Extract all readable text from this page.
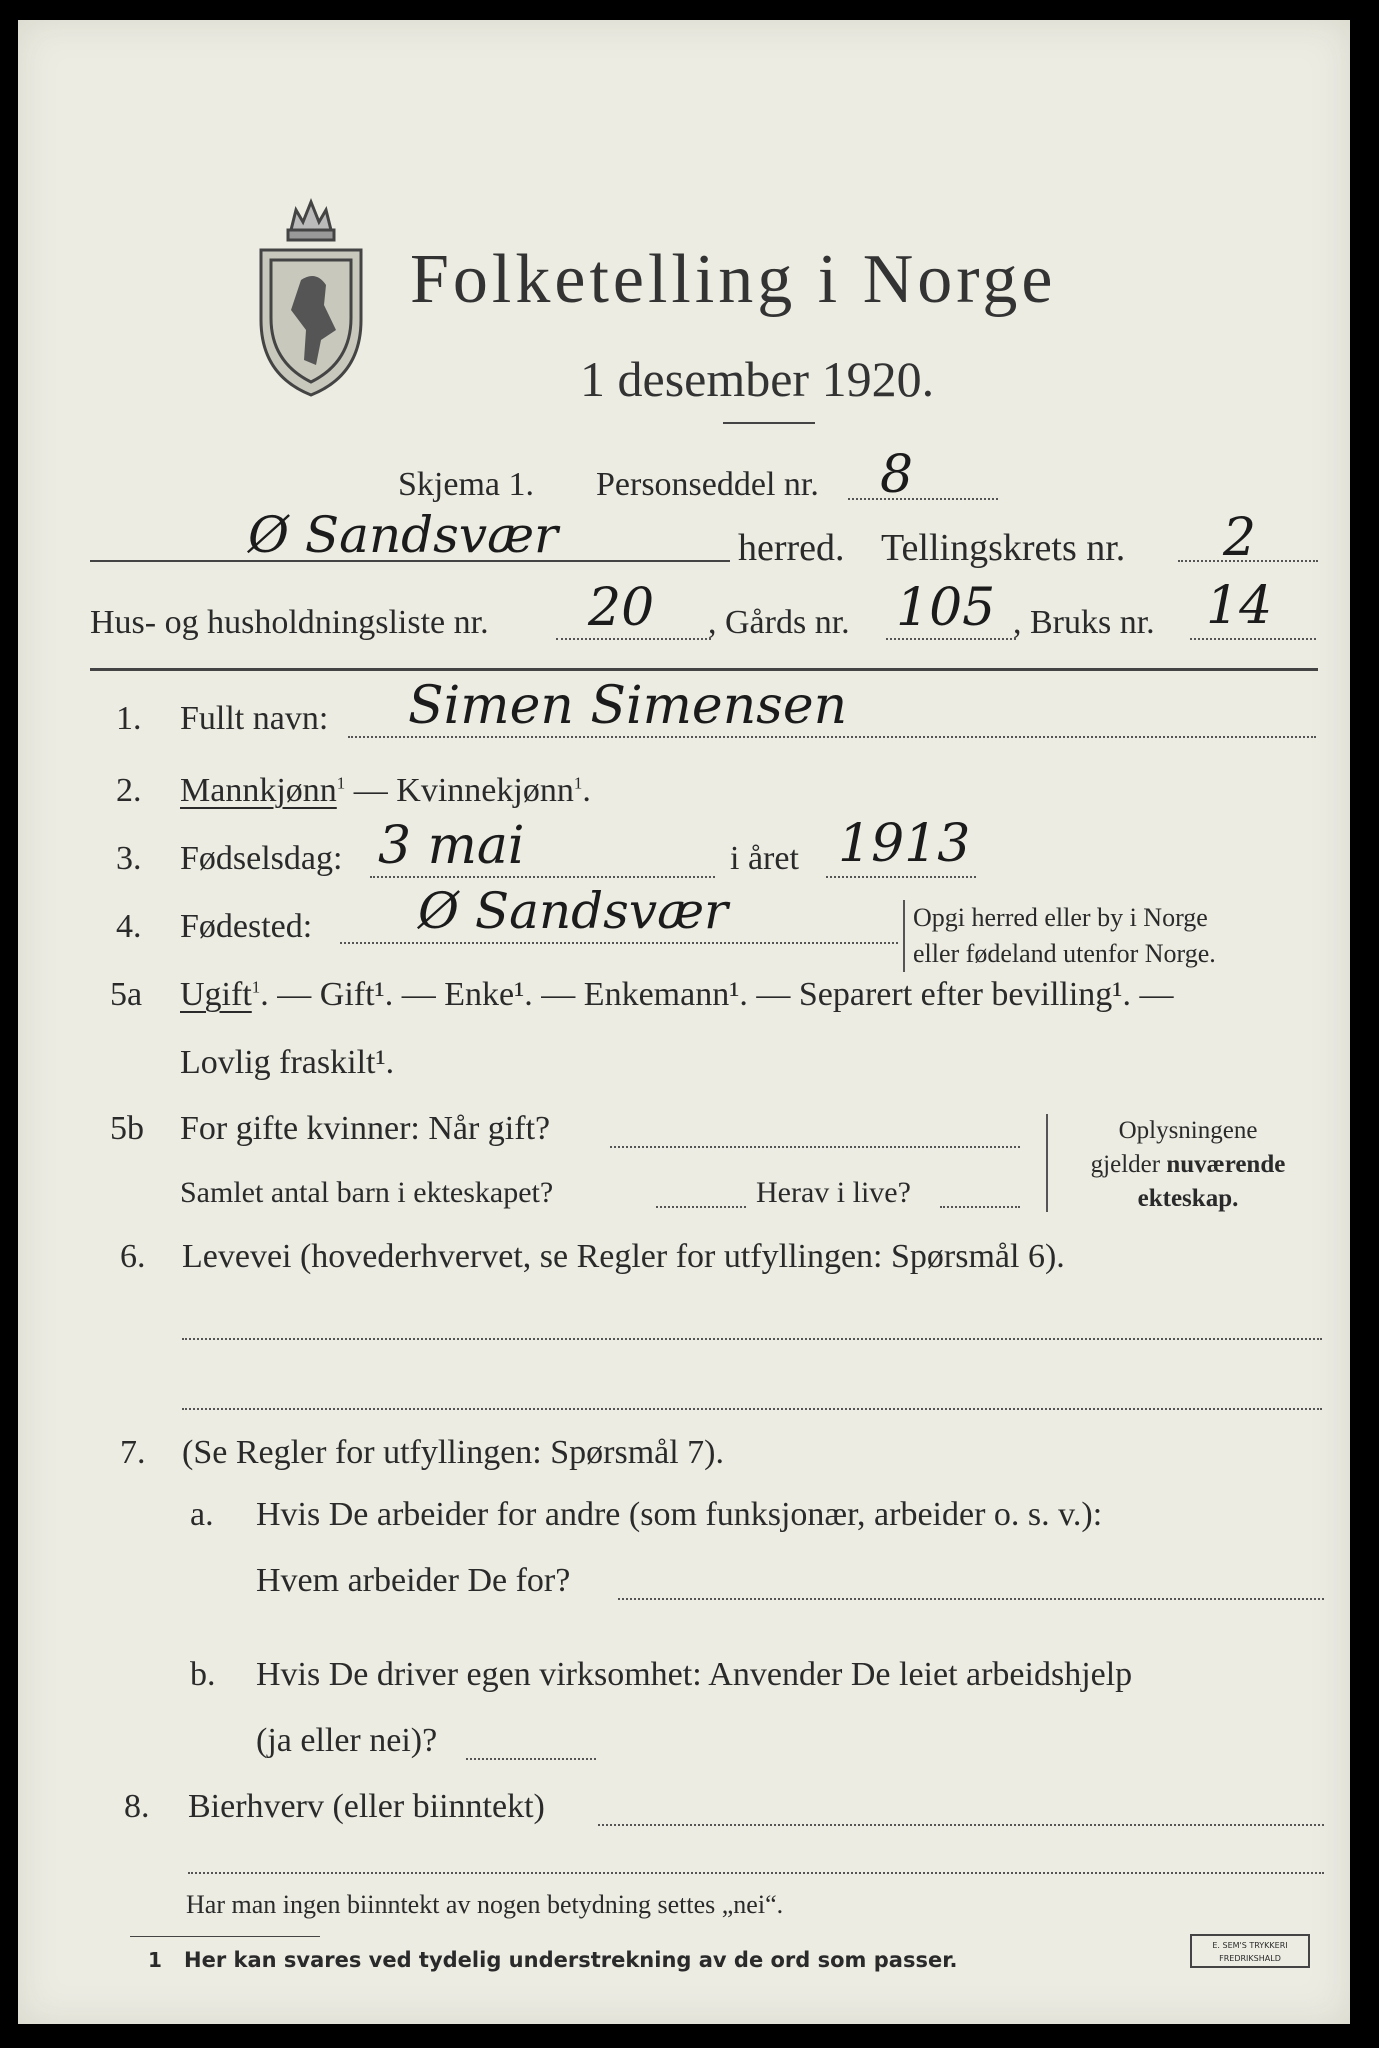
Folketelling i Norge
1 desember 1920.
Skjema 1. Personseddel nr. 8
Ø Sandsvær	herred. Tellingskrets nr. 2
Hus- og husholdningsliste nr. 20 , Gårds nr. 105 , Bruks nr. 14
1. Fullt navn: Simen Simensen
2. Mannkjønn$^1$ — Kvinnekjønn$^1$.
3. Fødselsdag: 3 mai	i året 1913
4. Fødested: Ø Sandsvær	Opgi herred eller by i Norge
eller fødeland utenfor Norge.
5a Ugift$^1$. — Gift¹. — Enke¹. — Enkemann¹. — Separert efter bevilling¹. —
Lovlig fraskilt¹.
5b For gifte kvinner: Når gift?
Samlet antal barn i ekteskapet?	Herav i live?
Oplysningene
gjelder nuværende
ekteskap.
6. Levevei (hovederhvervet, se Regler for utfyllingen: Spørsmål 6).
7. (Se Regler for utfyllingen: Spørsmål 7).
a. Hvis De arbeider for andre (som funksjonær, arbeider o. s. v.):
Hvem arbeider De for?
b. Hvis De driver egen virksomhet: Anvender De leiet arbeidshjelp
(ja eller nei)?
8. Bierhverv (eller biinntekt)
Har man ingen biinntekt av nogen betydning settes „nei“.
1 Her kan svares ved tydelig understrekning av de ord som passer.
E. SEM'S TRYKKERI
FREDRIKSHALD
